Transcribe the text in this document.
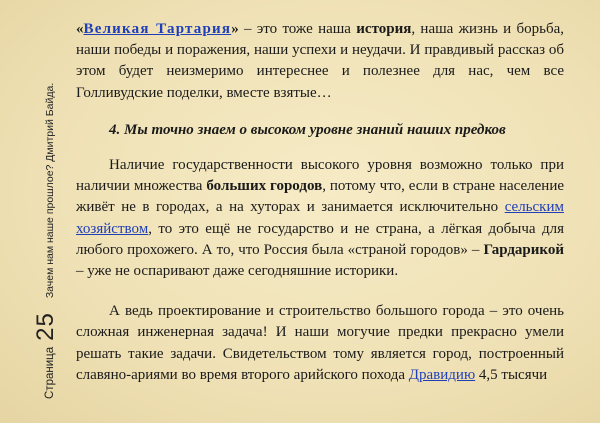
Страница
25
Зачем нам наше прошлое? Дмитрий Байда.

«Великая Тартария» – это тоже наша история, наша жизнь и борьба, наши победы и поражения, наши успехи и неудачи. И правдивый рассказ об этом будет неизмеримо интереснее и полезнее для нас, чем все Голливудские поделки, вместе взятые…

4. Мы точно знаем о высоком уровне знаний наших предков

Наличие государственности высокого уровня возможно только при наличии множества больших городов, потому что, если в стране население живёт не в городах, а на хуторах и занимается исключительно сельским хозяйством, то это ещё не государство и не страна, а лёгкая добыча для любого прохожего. А то, что Россия была «страной городов» – Гардарикой – уже не оспаривают даже сегодняшние историки.

А ведь проектирование и строительство большого города – это очень сложная инженерная задача! И наши могучие предки прекрасно умели решать такие задачи. Свидетельством тому является город, построенный славяно-ариями во время второго арийского похода Дравидию 4,5 тысячи
